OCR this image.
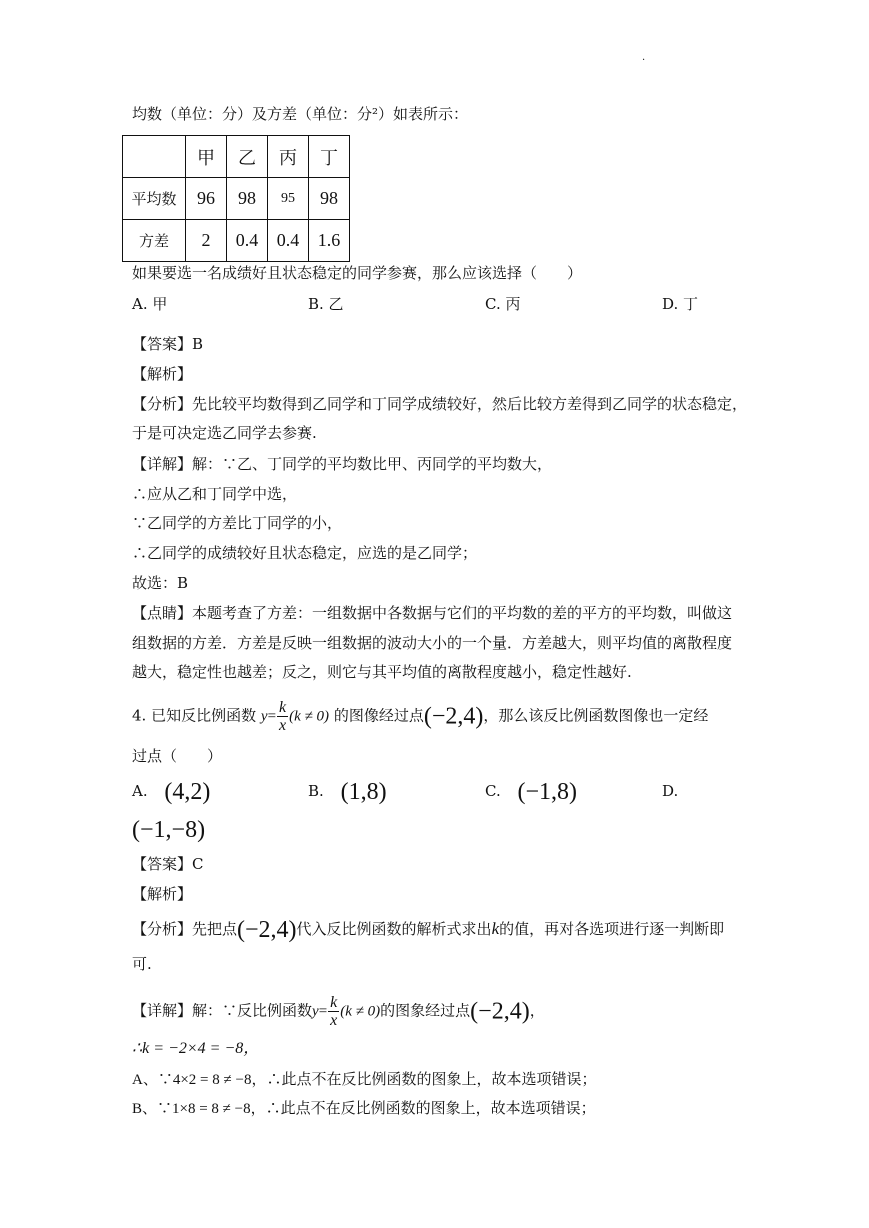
.
均数（单位：分）及方差（单位：分²）如表所示：
	甲	乙	丙	丁
平均数	96	98	95	98
方差	2	0.4	0.4	1.6
如果要选一名成绩好且状态稳定的同学参赛，那么应该选择（　　）
A. 甲	B. 乙	C. 丙	D. 丁
【答案】B
【解析】
【分析】先比较平均数得到乙同学和丁同学成绩较好，然后比较方差得到乙同学的状态稳定，
于是可决定选乙同学去参赛.
【详解】解：∵乙、丁同学的平均数比甲、丙同学的平均数大，
∴应从乙和丁同学中选，
∵乙同学的方差比丁同学的小，
∴乙同学的成绩较好且状态稳定，应选的是乙同学；
故选：B
【点睛】本题考查了方差：一组数据中各数据与它们的平均数的差的平方的平均数，叫做这
组数据的方差．方差是反映一组数据的波动大小的一个量．方差越大，则平均值的离散程度
越大，稳定性也越差；反之，则它与其平均值的离散程度越小，稳定性越好.
4. 已知反比例函数 $y= \frac{k}{x} (k \ne 0)$ 的图像经过点(−2,4)，那么该反比例函数图像也一定经
过点（　　）
A. (4,2)	B. (1,8)	C. (−1,8)	D.
(−1,−8)
【答案】C
【解析】
【分析】先把点(−2,4)代入反比例函数的解析式求出k的值，再对各选项进行逐一判断即
可.
【详解】解：∵反比例函数$y= \frac{k}{x} (k \ne 0)$的图象经过点(−2,4)，
∴k = −2×4 = −8，
A、∵4×2 = 8 ≠ −8，∴此点不在反比例函数的图象上，故本选项错误；
B、∵1×8 = 8 ≠ −8，∴此点不在反比例函数的图象上，故本选项错误；
